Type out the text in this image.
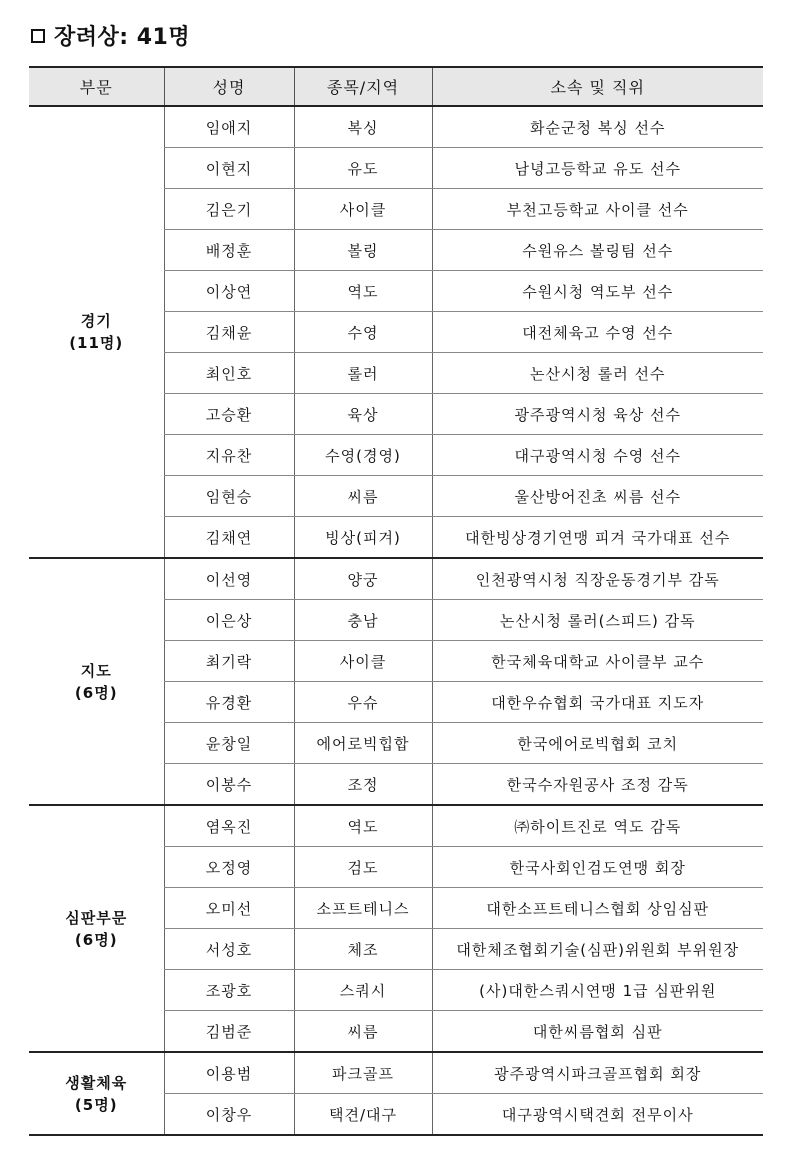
장려상: 41명
부문	성명	종목/지역	소속 및 직위

경기
(11명)	임애지	복싱	화순군청 복싱 선수
	이현지	유도	남녕고등학교 유도 선수
	김은기	사이클	부천고등학교 사이클 선수
	배정훈	볼링	수원유스 볼링팀 선수
	이상연	역도	수원시청 역도부 선수
	김채윤	수영	대전체육고 수영 선수
	최인호	롤러	논산시청 롤러 선수
	고승환	육상	광주광역시청 육상 선수
	지유찬	수영(경영)	대구광역시청 수영 선수
	임현승	씨름	울산방어진초 씨름 선수
	김채연	빙상(피겨)	대한빙상경기연맹 피겨 국가대표 선수

지도
(6명)	이선영	양궁	인천광역시청 직장운동경기부 감독
	이은상	충남	논산시청 롤러(스피드) 감독
	최기락	사이클	한국체육대학교 사이클부 교수
	유경환	우슈	대한우슈협회 국가대표 지도자
	윤창일	에어로빅힙합	한국에어로빅협회 코치
	이봉수	조정	한국수자원공사 조정 감독

심판부문
(6명)	염옥진	역도	㈜하이트진로 역도 감독
	오정영	검도	한국사회인검도연맹 회장
	오미선	소프트테니스	대한소프트테니스협회 상임심판
	서성호	체조	대한체조협회기술(심판)위원회 부위원장
	조광호	스쿼시	(사)대한스쿼시연맹 1급 심판위원
	김범준	씨름	대한씨름협회 심판

생활체육
(5명)	이용범	파크골프	광주광역시파크골프협회 회장
	이창우	택견/대구	대구광역시택견회 전무이사
